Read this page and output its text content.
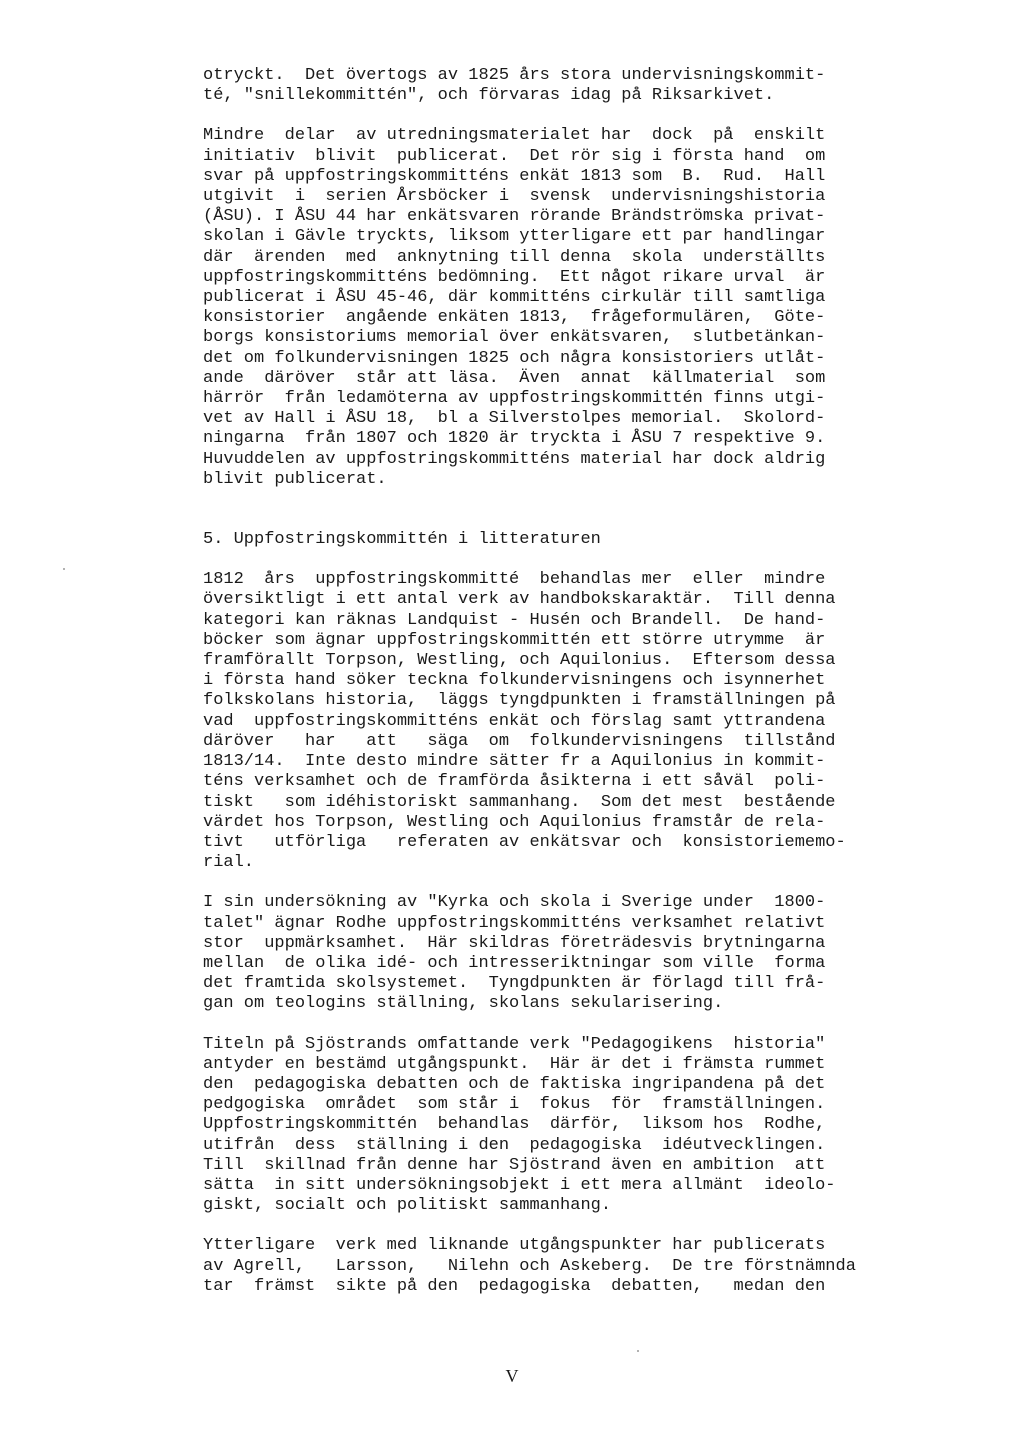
otryckt.  Det övertogs av 1825 års stora undervisningskommit-
té, "snillekommittén", och förvaras idag på Riksarkivet.
Mindre  delar  av utredningsmaterialet har  dock  på  enskilt
initiativ  blivit  publicerat.  Det rör sig i första hand  om
svar på uppfostringskommitténs enkät 1813 som  B.  Rud.  Hall
utgivit  i  serien Årsböcker i  svensk  undervisningshistoria
(ÅSU). I ÅSU 44 har enkätsvaren rörande Brändströmska privat-
skolan i Gävle tryckts, liksom ytterligare ett par handlingar
där  ärenden  med  anknytning till denna  skola  underställts
uppfostringskommitténs bedömning.  Ett något rikare urval  är
publicerat i ÅSU 45-46, där kommitténs cirkulär till samtliga
konsistorier  angående enkäten 1813,  frågeformulären,  Göte-
borgs konsistoriums memorial över enkätsvaren,  slutbetänkan-
det om folkundervisningen 1825 och några konsistoriers utlåt-
ande  däröver  står att läsa.  Även  annat  källmaterial  som
härrör  från ledamöterna av uppfostringskommittén finns utgi-
vet av Hall i ÅSU 18,  bl a Silverstolpes memorial.  Skolord-
ningarna  från 1807 och 1820 är tryckta i ÅSU 7 respektive 9.
Huvuddelen av uppfostringskommitténs material har dock aldrig
blivit publicerat.
5. Uppfostringskommittén i litteraturen
1812  års  uppfostringskommitté  behandlas mer  eller  mindre
översiktligt i ett antal verk av handbokskaraktär.  Till denna
kategori kan räknas Landquist - Husén och Brandell.  De hand-
böcker som ägnar uppfostringskommittén ett större utrymme  är
framförallt Torpson, Westling, och Aquilonius.  Eftersom dessa
i första hand söker teckna folkundervisningens och isynnerhet
folkskolans historia,  läggs tyngdpunkten i framställningen på
vad  uppfostringskommitténs enkät och förslag samt yttrandena
däröver   har   att   säga  om  folkundervisningens  tillstånd
1813/14.  Inte desto mindre sätter fr a Aquilonius in kommit-
téns verksamhet och de framförda åsikterna i ett såväl  poli-
tiskt   som idéhistoriskt sammanhang.  Som det mest  bestående
värdet hos Torpson, Westling och Aquilonius framstår de rela-
tivt   utförliga   referaten av enkätsvar och  konsistoriememo-
rial.
I sin undersökning av "Kyrka och skola i Sverige under  1800-
talet" ägnar Rodhe uppfostringskommitténs verksamhet relativt
stor  uppmärksamhet.  Här skildras företrädesvis brytningarna
mellan  de olika idé- och intresseriktningar som ville  forma
det framtida skolsystemet.  Tyngdpunkten är förlagd till frå-
gan om teologins ställning, skolans sekularisering.
Titeln på Sjöstrands omfattande verk "Pedagogikens  historia"
antyder en bestämd utgångspunkt.  Här är det i främsta rummet
den  pedagogiska debatten och de faktiska ingripandena på det
pedgogiska  området  som står i  fokus  för  framställningen.
Uppfostringskommittén  behandlas  därför,  liksom hos  Rodhe,
utifrån  dess  ställning i den  pedagogiska  idéutvecklingen.
Till  skillnad från denne har Sjöstrand även en ambition  att
sätta  in sitt undersökningsobjekt i ett mera allmänt  ideolo-
giskt, socialt och politiskt sammanhang.
Ytterligare  verk med liknande utgångspunkter har publicerats
av Agrell,   Larsson,   Nilehn och Askeberg.  De tre förstnämnda
tar  främst  sikte på den  pedagogiska  debatten,   medan den
V
